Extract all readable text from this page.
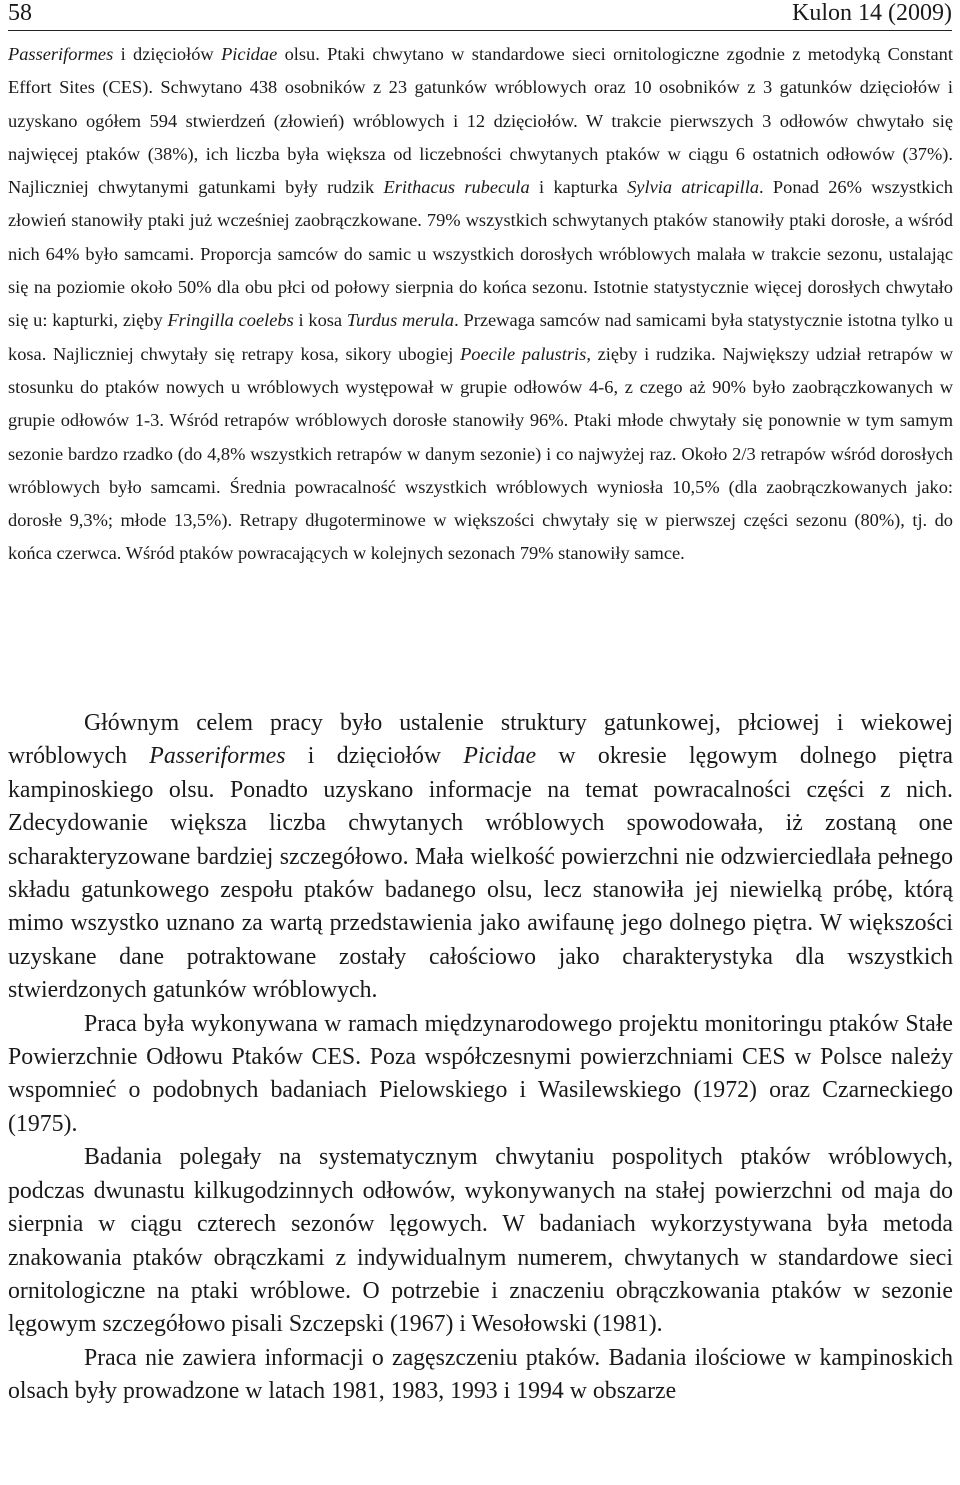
58	Kulon 14 (2009)
Passeriformes i dzięciołów Picidae olsu. Ptaki chwytano w standardowe sieci ornitologiczne zgodnie z metodyką Constant Effort Sites (CES). Schwytano 438 osobników z 23 gatunków wróblowych oraz 10 osobników z 3 gatunków dzięciołów i uzyskano ogółem 594 stwierdzeń (złowień) wróblowych i 12 dzięciołów. W trakcie pierwszych 3 odłowów chwytało się najwięcej ptaków (38%), ich liczba była większa od liczebności chwytanych ptaków w ciągu 6 ostatnich odłowów (37%). Najliczniej chwytanymi gatunkami były rudzik Erithacus rubecula i kapturka Sylvia atricapilla. Ponad 26% wszystkich złowień stanowiły ptaki już wcześniej zaobrączkowane. 79% wszystkich schwytanych ptaków stanowiły ptaki dorosłe, a wśród nich 64% było samcami. Proporcja samców do samic u wszystkich dorosłych wróblowych malała w trakcie sezonu, ustalając się na poziomie około 50% dla obu płci od połowy sierpnia do końca sezonu. Istotnie statystycznie więcej dorosłych chwytało się u: kapturki, zięby Fringilla coelebs i kosa Turdus merula. Przewaga samców nad samicami była statystycznie istotna tylko u kosa. Najliczniej chwytały się retrapy kosa, sikory ubogiej Poecile palustris, zięby i rudzika. Największy udział retrapów w stosunku do ptaków nowych u wróblowych występował w grupie odłowów 4-6, z czego aż 90% było zaobrączkowanych w grupie odłowów 1-3. Wśród retrapów wróblowych dorosłe stanowiły 96%. Ptaki młode chwytały się ponownie w tym samym sezonie bardzo rzadko (do 4,8% wszystkich retrapów w danym sezonie) i co najwyżej raz. Około 2/3 retrapów wśród dorosłych wróblowych było samcami. Średnia powracalność wszystkich wróblowych wyniosła 10,5% (dla zaobrączkowanych jako: dorosłe 9,3%; młode 13,5%). Retrapy długoterminowe w większości chwytały się w pierwszej części sezonu (80%), tj. do końca czerwca. Wśród ptaków powracających w kolejnych sezonach 79% stanowiły samce.

Głównym celem pracy było ustalenie struktury gatunkowej, płciowej i wiekowej wróblowych Passeriformes i dzięciołów Picidae w okresie lęgowym dolnego piętra kampinoskiego olsu. Ponadto uzyskano informacje na temat powracalności części z nich. Zdecydowanie większa liczba chwytanych wróblowych spowodowała, iż zostaną one scharakteryzowane bardziej szczegółowo. Mała wielkość powierzchni nie odzwierciedlała pełnego składu gatunkowego zespołu ptaków badanego olsu, lecz stanowiła jej niewielką próbę, którą mimo wszystko uznano za wartą przedstawienia jako awifaunę jego dolnego piętra. W większości uzyskane dane potraktowane zostały całościowo jako charakterystyka dla wszystkich stwierdzonych gatunków wróblowych.

Praca była wykonywana w ramach międzynarodowego projektu monitoringu ptaków Stałe Powierzchnie Odłowu Ptaków CES. Poza współczesnymi powierzchniami CES w Polsce należy wspomnieć o podobnych badaniach Pielowskiego i Wasilewskiego (1972) oraz Czarneckiego (1975).

Badania polegały na systematycznym chwytaniu pospolitych ptaków wróblowych, podczas dwunastu kilkugodzinnych odłowów, wykonywanych na stałej powierzchni od maja do sierpnia w ciągu czterech sezonów lęgowych. W badaniach wykorzystywana była metoda znakowania ptaków obrączkami z indywidualnym numerem, chwytanych w standardowe sieci ornitologiczne na ptaki wróblowe. O potrzebie i znaczeniu obrączkowania ptaków w sezonie lęgowym szczegółowo pisali Szczepski (1967) i Wesołowski (1981).

Praca nie zawiera informacji o zagęszczeniu ptaków. Badania ilościowe w kampinoskich olsach były prowadzone w latach 1981, 1983, 1993 i 1994 w obszarze
